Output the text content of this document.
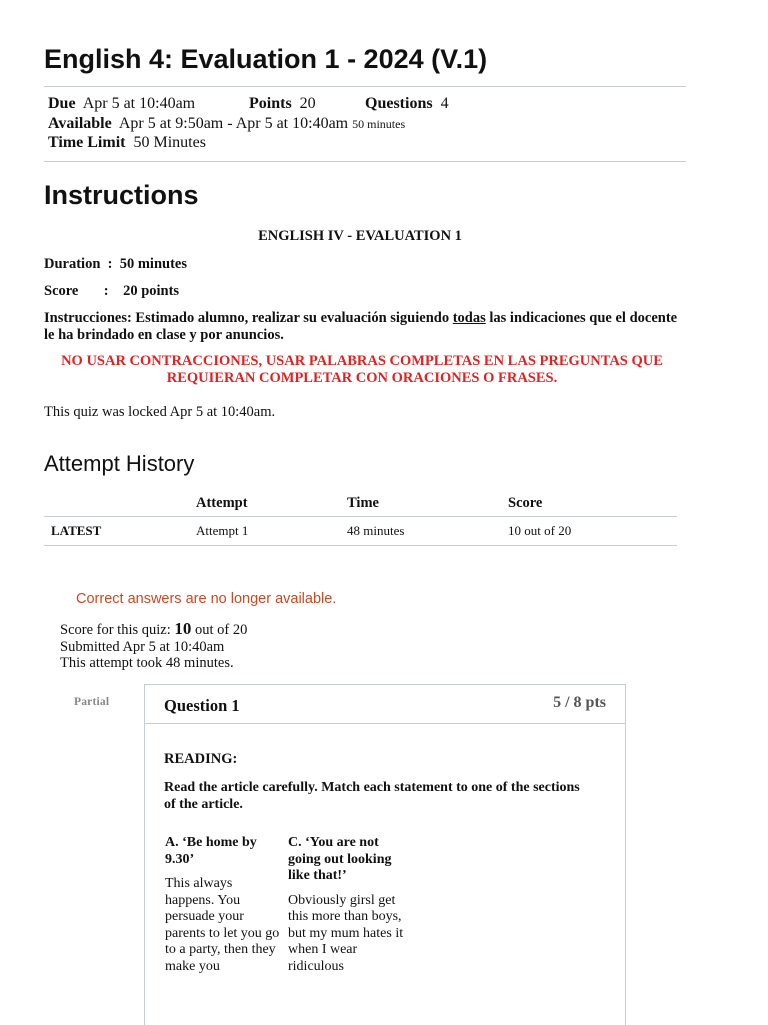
English 4: Evaluation 1 - 2024 (V.1)
Due Apr 5 at 10:40am	Points 20	Questions 4
Available Apr 5 at 9:50am - Apr 5 at 10:40am 50 minutes
Time Limit 50 Minutes
Instructions
ENGLISH IV - EVALUATION 1
Duration  :  50 minutes
Score       :    20 points
Instrucciones: Estimado alumno, realizar su evaluación siguiendo todas las indicaciones que el docente le ha brindado en clase y por anuncios.
NO USAR CONTRACCIONES, USAR PALABRAS COMPLETAS EN LAS PREGUNTAS QUE REQUIERAN COMPLETAR CON ORACIONES O FRASES.
This quiz was locked Apr 5 at 10:40am.
Attempt History
	Attempt	Time	Score
LATEST	Attempt 1	48 minutes	10 out of 20
Correct answers are no longer available.
Score for this quiz: 10 out of 20
Submitted Apr 5 at 10:40am
This attempt took 48 minutes.
Partial	Question 1	5 / 8 pts
READING:
Read the article carefully. Match each statement to one of the sections of the article.
A. ‘Be home by 9.30’
This always happens. You persuade your parents to let you go to a party, then they make you
C. ‘You are not going out looking like that!’
Obviously girsl get this more than boys, but my mum hates it when I wear ridiculous
